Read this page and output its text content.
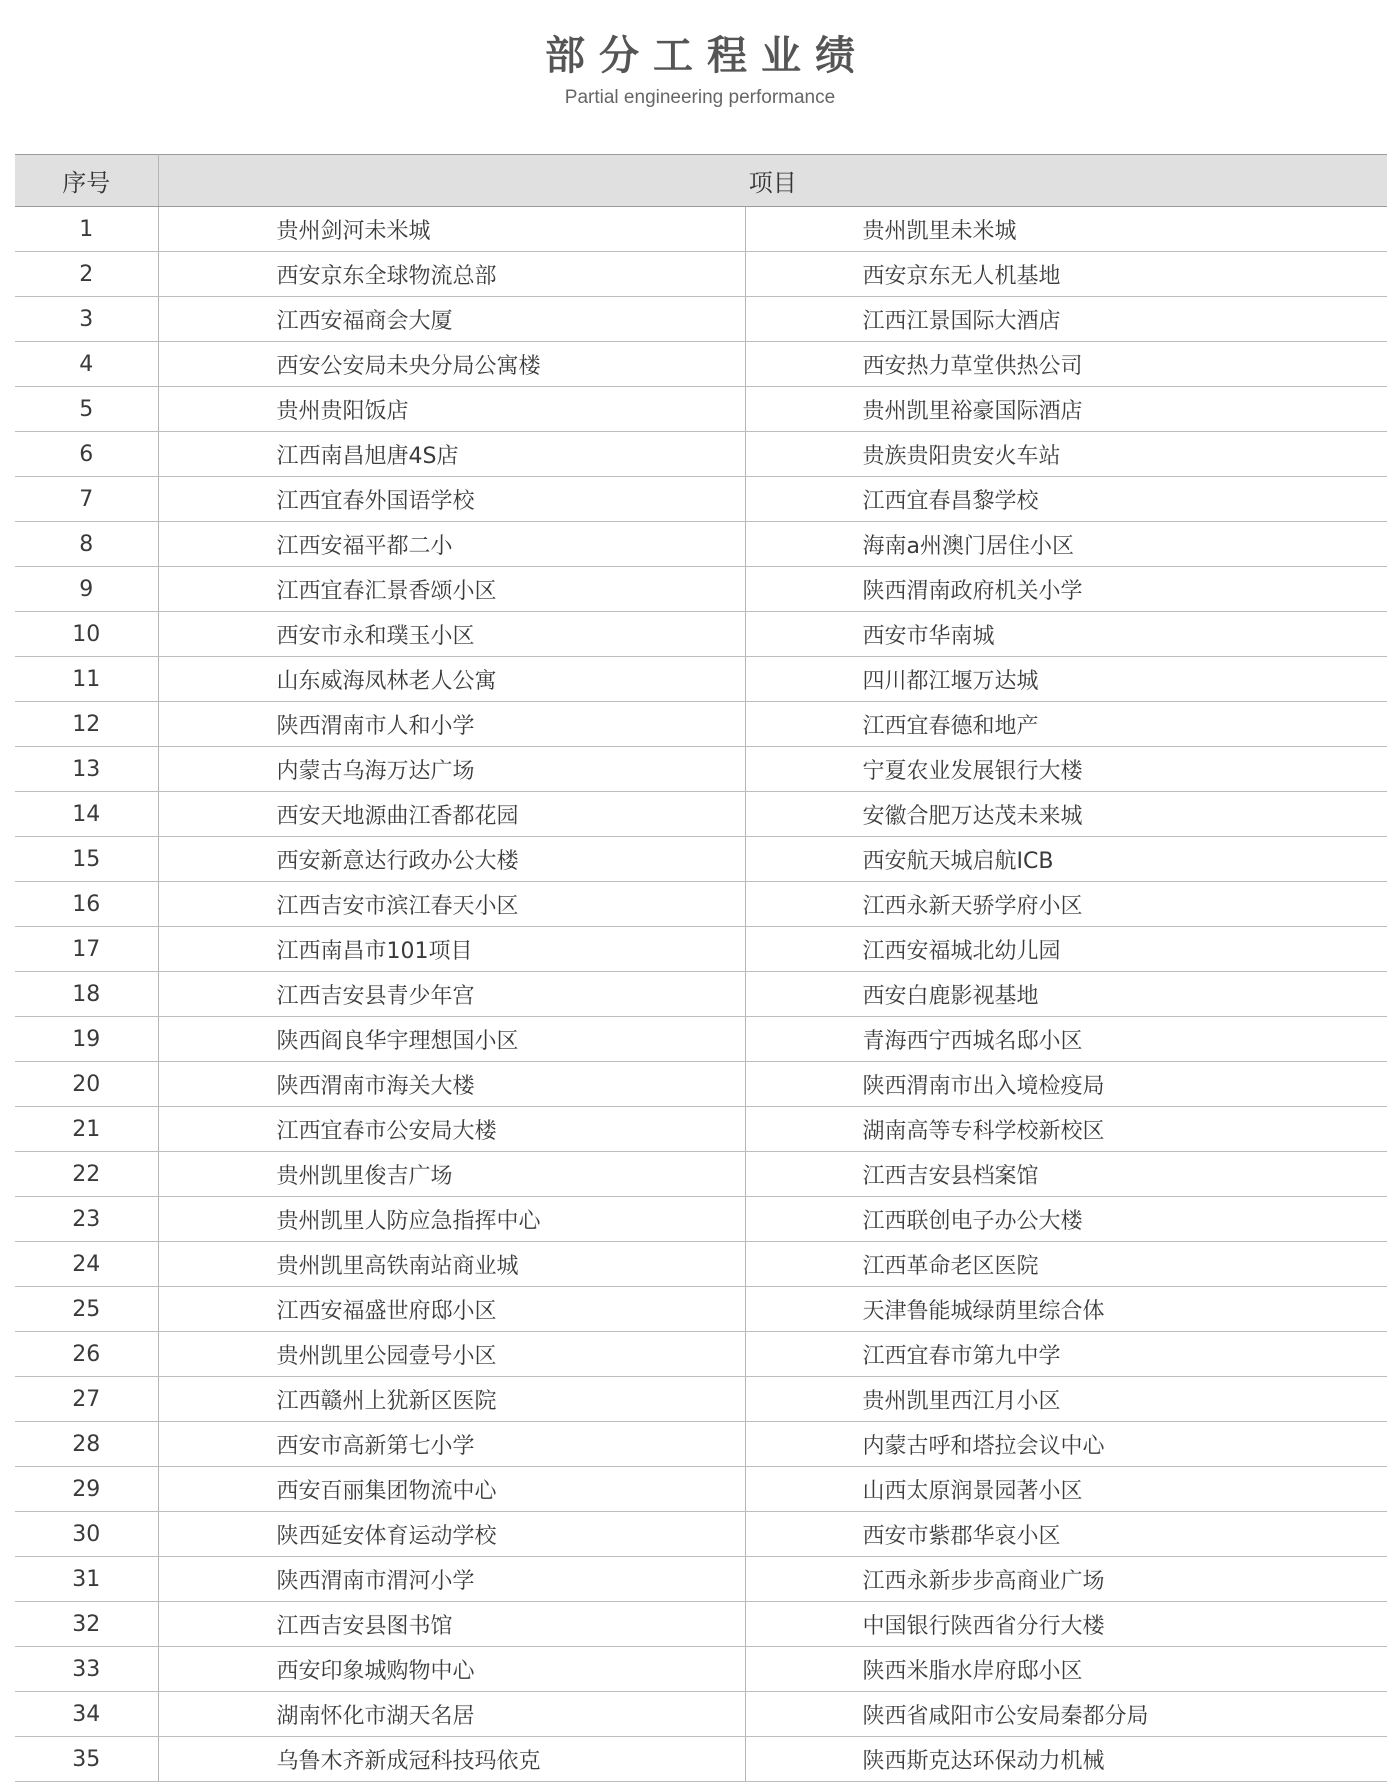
部分工程业绩
Partial engineering performance
序号	项目	
1	贵州剑河未米城	贵州凯里未米城
2	西安京东全球物流总部	西安京东无人机基地
3	江西安福商会大厦	江西江景国际大酒店
4	西安公安局未央分局公寓楼	西安热力草堂供热公司
5	贵州贵阳饭店	贵州凯里裕豪国际酒店
6	江西南昌旭唐4S店	贵族贵阳贵安火车站
7	江西宜春外国语学校	江西宜春昌黎学校
8	江西安福平都二小	海南a州澳门居住小区
9	江西宜春汇景香颂小区	陕西渭南政府机关小学
10	西安市永和璞玉小区	西安市华南城
11	山东威海凤林老人公寓	四川都江堰万达城
12	陕西渭南市人和小学	江西宜春德和地产
13	内蒙古乌海万达广场	宁夏农业发展银行大楼
14	西安天地源曲江香都花园	安徽合肥万达茂未来城
15	西安新意达行政办公大楼	西安航天城启航ICB
16	江西吉安市滨江春天小区	江西永新天骄学府小区
17	江西南昌市101项目	江西安福城北幼儿园
18	江西吉安县青少年宫	西安白鹿影视基地
19	陕西阎良华宇理想国小区	青海西宁西城名邸小区
20	陕西渭南市海关大楼	陕西渭南市出入境检疫局
21	江西宜春市公安局大楼	湖南高等专科学校新校区
22	贵州凯里俊吉广场	江西吉安县档案馆
23	贵州凯里人防应急指挥中心	江西联创电子办公大楼
24	贵州凯里高铁南站商业城	江西革命老区医院
25	江西安福盛世府邸小区	天津鲁能城绿荫里综合体
26	贵州凯里公园壹号小区	江西宜春市第九中学
27	江西赣州上犹新区医院	贵州凯里西江月小区
28	西安市高新第七小学	内蒙古呼和塔拉会议中心
29	西安百丽集团物流中心	山西太原润景园著小区
30	陕西延安体育运动学校	西安市紫郡华哀小区
31	陕西渭南市渭河小学	江西永新步步高商业广场
32	江西吉安县图书馆	中国银行陕西省分行大楼
33	西安印象城购物中心	陕西米脂水岸府邸小区
34	湖南怀化市湖天名居	陕西省咸阳市公安局秦都分局
35	乌鲁木齐新成冠科技玛依克	陕西斯克达环保动力机械
